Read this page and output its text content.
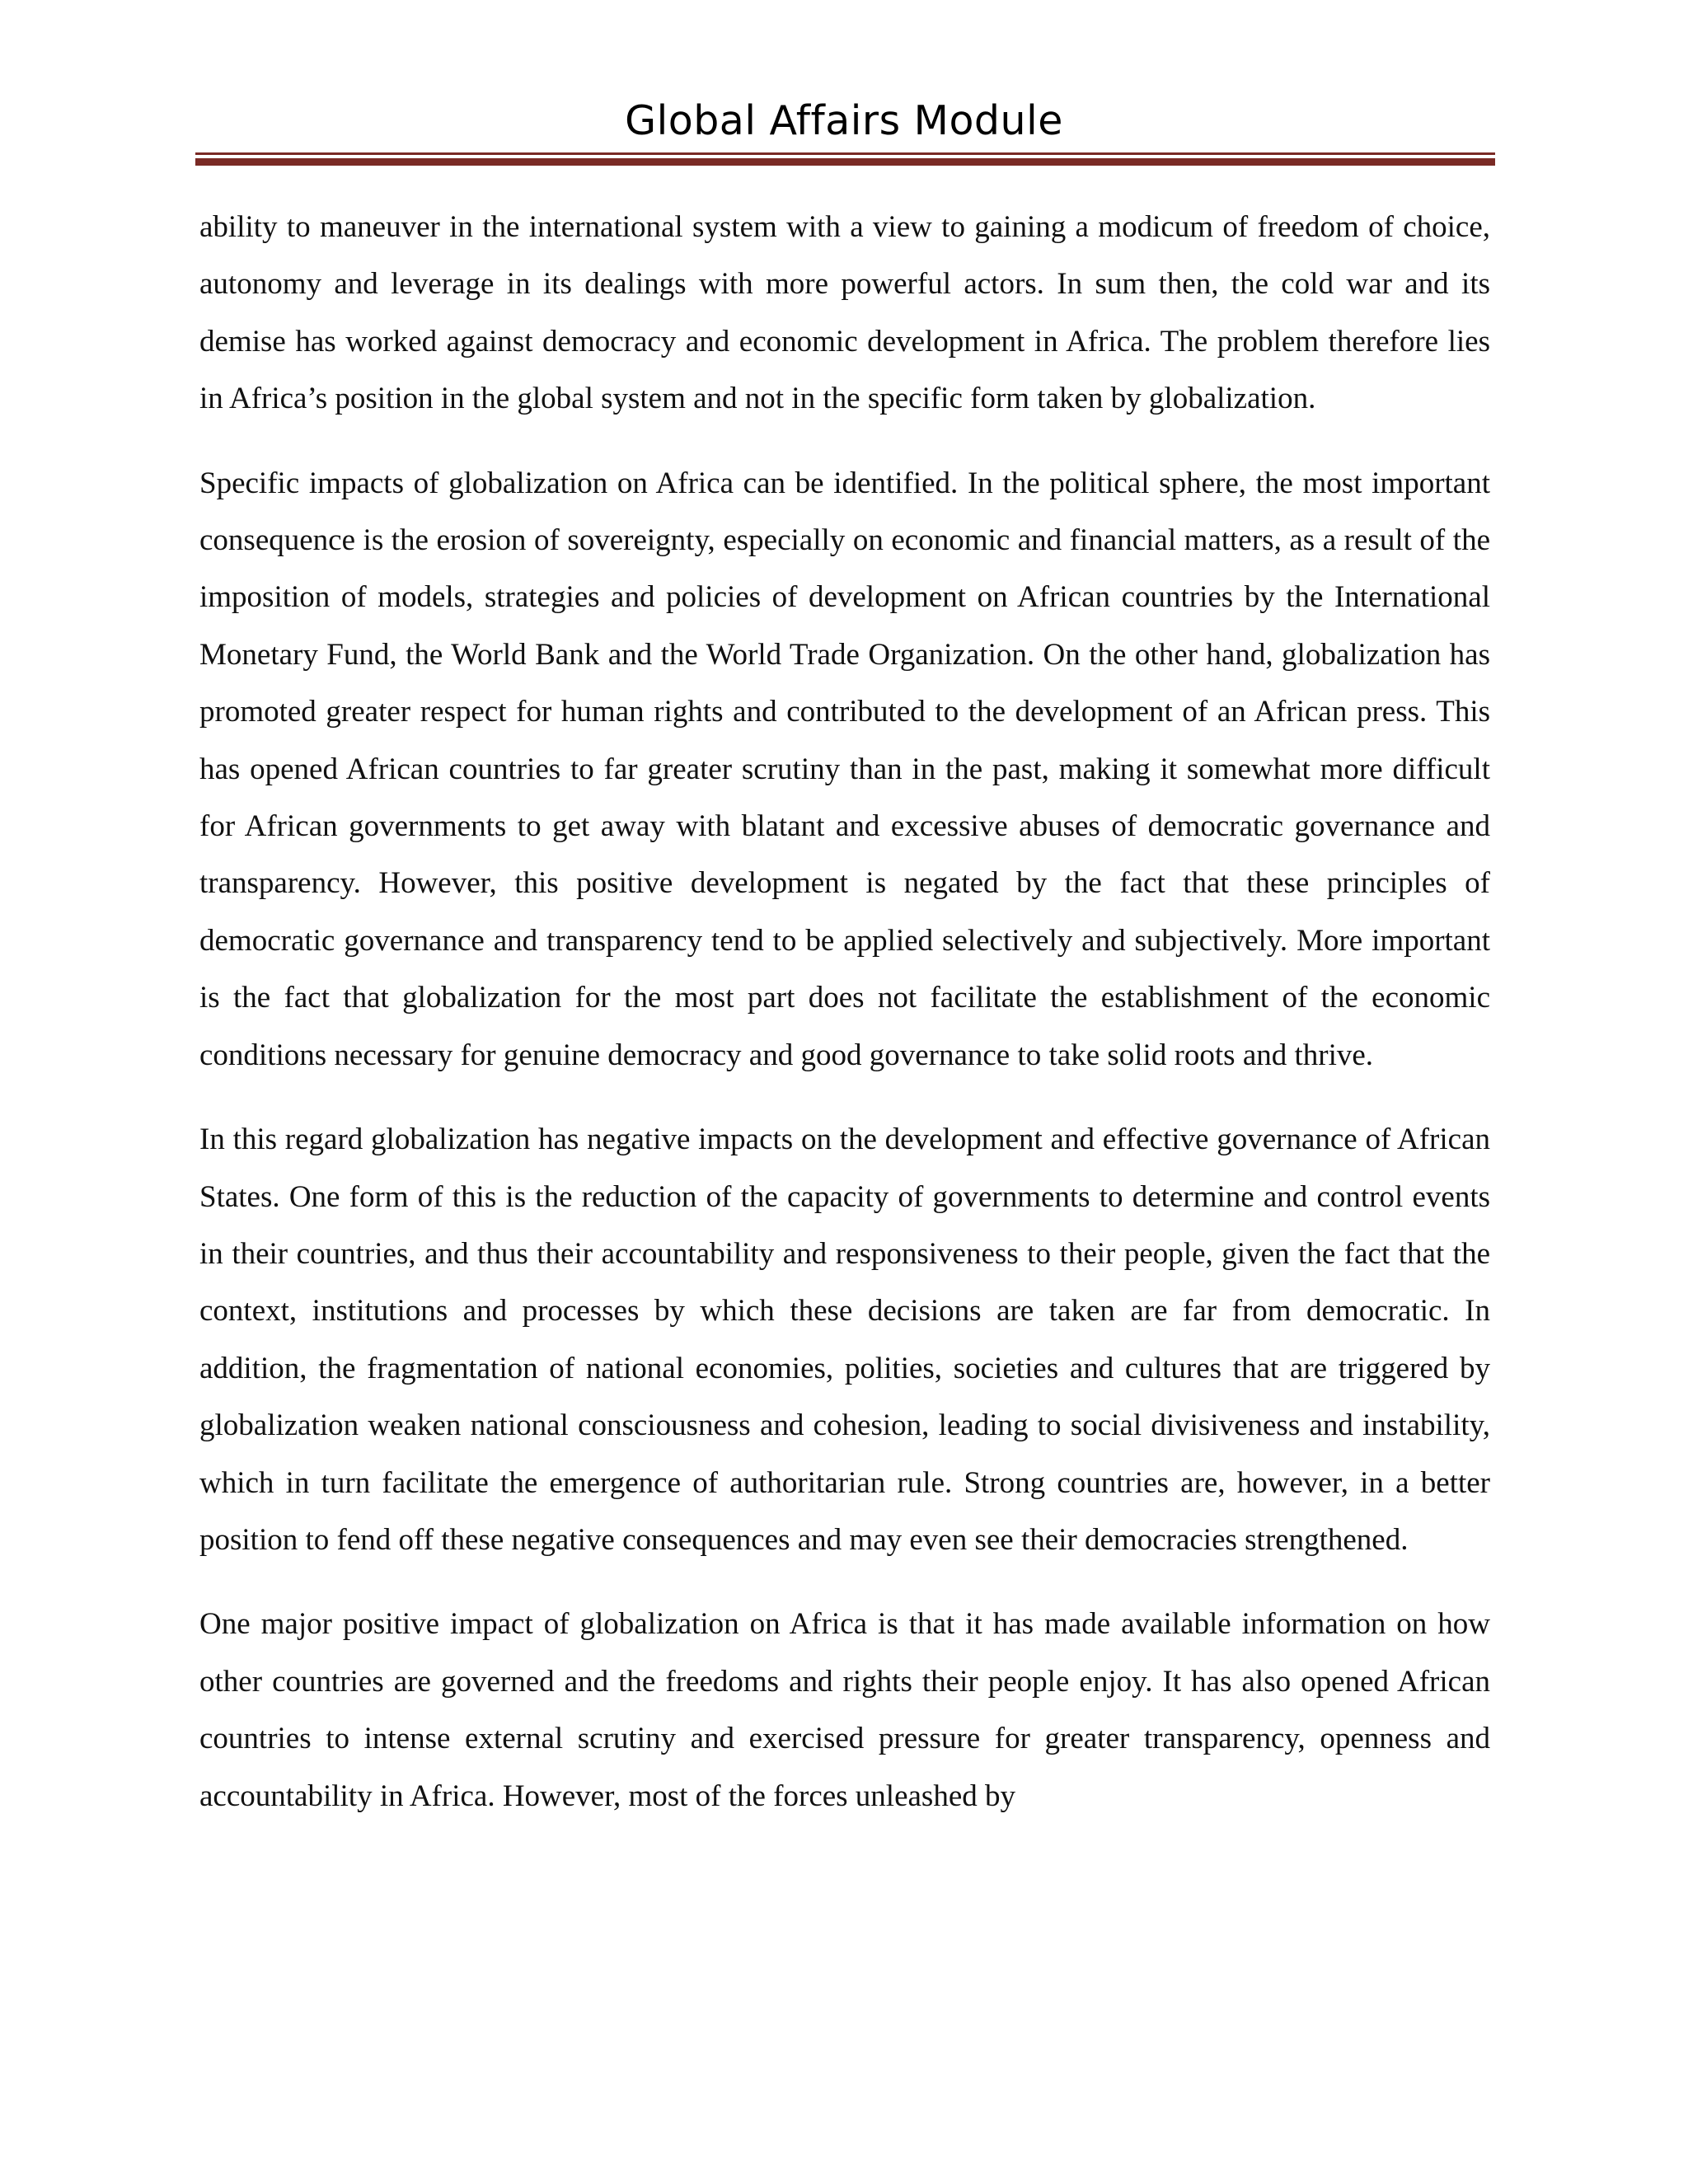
Global Affairs Module

ability to maneuver in the international system with a view to gaining a modicum of freedom of choice, autonomy and leverage in its dealings with more powerful actors. In sum then, the cold war and its demise has worked against democracy and economic development in Africa. The problem therefore lies in Africa’s position in the global system and not in the specific form taken by globalization.

Specific impacts of globalization on Africa can be identified. In the political sphere, the most important consequence is the erosion of sovereignty, especially on economic and financial matters, as a result of the imposition of models, strategies and policies of development on African countries by the International Monetary Fund, the World Bank and the World Trade Organization. On the other hand, globalization has promoted greater respect for human rights and contributed to the development of an African press. This has opened African countries to far greater scrutiny than in the past, making it somewhat more difficult for African governments to get away with blatant and excessive abuses of democratic governance and transparency. However, this positive development is negated by the fact that these principles of democratic governance and transparency tend to be applied selectively and subjectively. More important is the fact that globalization for the most part does not facilitate the establishment of the economic conditions necessary for genuine democracy and good governance to take solid roots and thrive.

In this regard globalization has negative impacts on the development and effective governance of African States. One form of this is the reduction of the capacity of governments to determine and control events in their countries, and thus their accountability and responsiveness to their people, given the fact that the context, institutions and processes by which these decisions are taken are far from democratic. In addition, the fragmentation of national economies, polities, societies and cultures that are triggered by globalization weaken national consciousness and cohesion, leading to social divisiveness and instability, which in turn facilitate the emergence of authoritarian rule. Strong countries are, however, in a better position to fend off these negative consequences and may even see their democracies strengthened.

One major positive impact of globalization on Africa is that it has made available information on how other countries are governed and the freedoms and rights their people enjoy. It has also opened African countries to intense external scrutiny and exercised pressure for greater transparency, openness and accountability in Africa. However, most of the forces unleashed by
